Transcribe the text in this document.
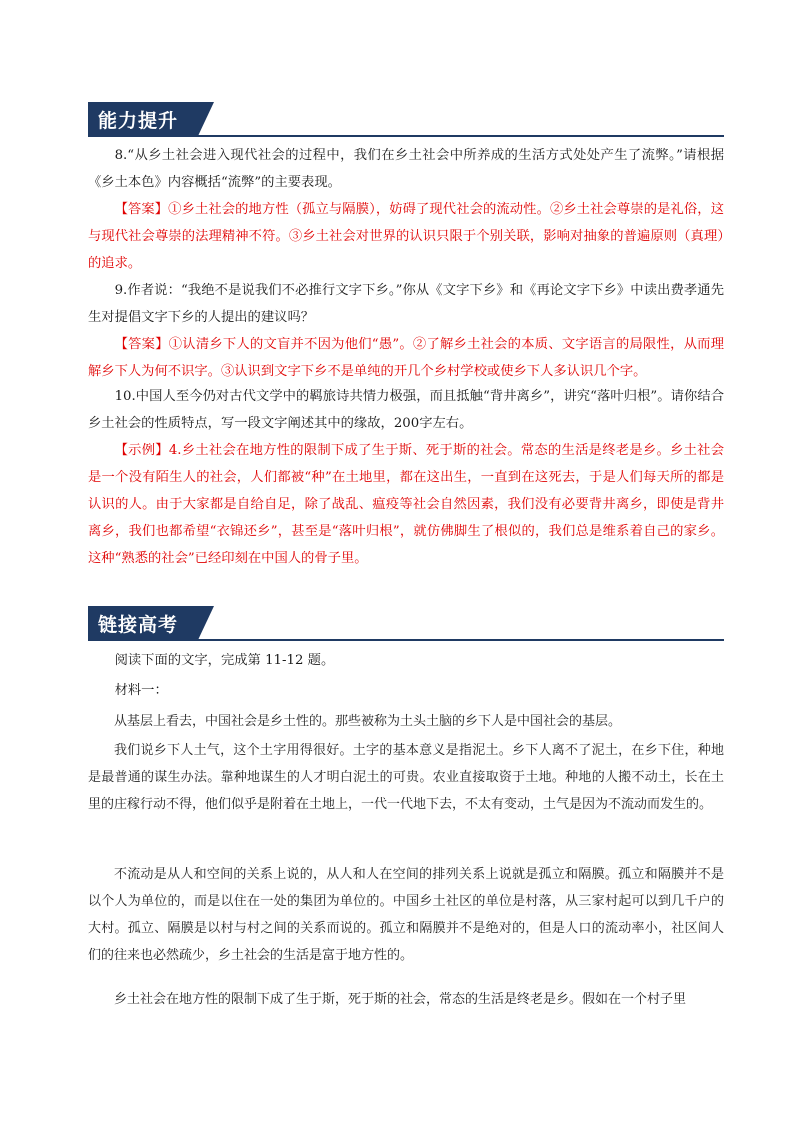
能力提升

8.“从乡土社会进入现代社会的过程中，我们在乡土社会中所养成的生活方式处处产生了流弊。”请根据《乡土本色》内容概括“流弊”的主要表现。

【答案】①乡土社会的地方性（孤立与隔膜），妨碍了现代社会的流动性。②乡土社会尊崇的是礼俗，这与现代社会尊崇的法理精神不符。③乡土社会对世界的认识只限于个别关联，影响对抽象的普遍原则（真理）的追求。

9.作者说：“我绝不是说我们不必推行文字下乡。”你从《文字下乡》和《再论文字下乡》中读出费孝通先生对提倡文字下乡的人提出的建议吗？

【答案】①认清乡下人的文盲并不因为他们“愚”。②了解乡土社会的本质、文字语言的局限性，从而理解乡下人为何不识字。③认识到文字下乡不是单纯的开几个乡村学校或使乡下人多认识几个字。

10.中国人至今仍对古代文学中的羁旅诗共情力极强，而且抵触“背井离乡”，讲究“落叶归根”。请你结合乡土社会的性质特点，写一段文字阐述其中的缘故，200字左右。

【示例】4.乡土社会在地方性的限制下成了生于斯、死于斯的社会。常态的生活是终老是乡。乡土社会是一个没有陌生人的社会，人们都被“种”在土地里，都在这出生，一直到在这死去，于是人们每天所的都是认识的人。由于大家都是自给自足，除了战乱、瘟疫等社会自然因素，我们没有必要背井离乡，即使是背井离乡，我们也都希望“衣锦还乡”，甚至是“落叶归根”，就仿佛脚生了根似的，我们总是维系着自己的家乡。这种“熟悉的社会”已经印刻在中国人的骨子里。

链接高考

阅读下面的文字，完成第 11-12 题。

材料一：

从基层上看去，中国社会是乡土性的。那些被称为土头土脑的乡下人是中国社会的基层。

我们说乡下人土气，这个土字用得很好。土字的基本意义是指泥土。乡下人离不了泥土，在乡下住，种地是最普通的谋生办法。靠种地谋生的人才明白泥土的可贵。农业直接取资于土地。种地的人搬不动土，长在土里的庄稼行动不得，他们似乎是附着在土地上，一代一代地下去，不太有变动，土气是因为不流动而发生的。

不流动是从人和空间的关系上说的，从人和人在空间的排列关系上说就是孤立和隔膜。孤立和隔膜并不是以个人为单位的，而是以住在一处的集团为单位的。中国乡土社区的单位是村落，从三家村起可以到几千户的大村。孤立、隔膜是以村与村之间的关系而说的。孤立和隔膜并不是绝对的，但是人口的流动率小，社区间人们的往来也必然疏少，乡土社会的生活是富于地方性的。

乡土社会在地方性的限制下成了生于斯，死于斯的社会，常态的生活是终老是乡。假如在一个村子里
